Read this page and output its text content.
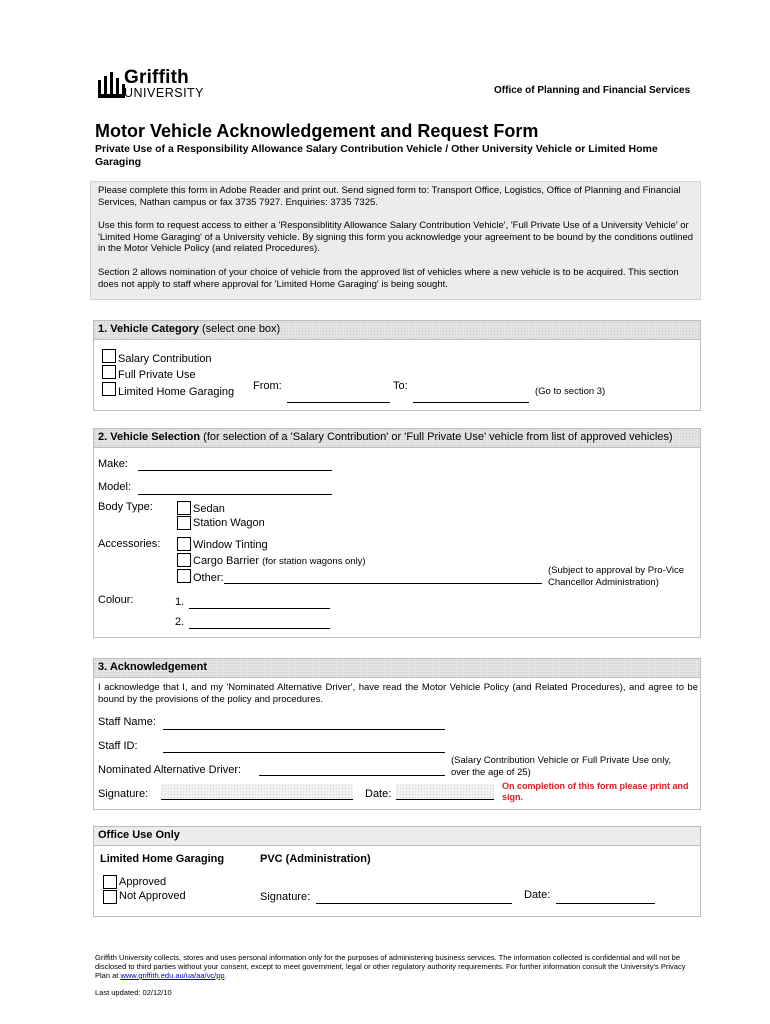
Griffith
UNIVERSITY	Office of Planning and Financial Services
Motor Vehicle Acknowledgement and Request Form
Private Use of a Responsibility Allowance Salary Contribution Vehicle / Other University Vehicle or Limited Home Garaging
Please complete this form in Adobe Reader and print out. Send signed form to: Transport Office, Logistics, Office of Planning and Financial Services, Nathan campus or fax 3735 7927. Enquiries: 3735 7325.
Use this form to request access to either a 'Responsiblitity Allowance Salary Contribution Vehicle', 'Full Private Use of a University Vehicle' or 'Limited Home Garaging' of a University vehicle. By signing this form you acknowledge your agreement to be bound by the conditions outlined in the Motor Vehicle Policy (and related Procedures).
Section 2 allows nomination of your choice of vehicle from the approved list of vehicles where a new vehicle is to be acquired. This section does not apply to staff where approval for 'Limited Home Garaging' is being sought.
1. Vehicle Category (select one box)
Salary Contribution
Full Private Use
Limited Home Garaging From:	To:	(Go to section 3)
2. Vehicle Selection (for selection of a 'Salary Contribution' or 'Full Private Use' vehicle from list of approved vehicles)
Make:
Model:
Body Type:	Sedan
Station Wagon
Accessories:	Window Tinting
Cargo Barrier (for station wagons only)
Other:
(Subject to approval by Pro-Vice Chancellor Administration)
Colour:	1.
2.
3. Acknowledgement
I acknowledge that I, and my 'Nominated Alternative Driver', have read the Motor Vehicle Policy (and Related Procedures), and agree to be bound by the provisions of the policy and procedures.
Staff Name:
Staff ID:
Nominated Alternative Driver:
(Salary Contribution Vehicle or Full Private Use only, over the age of 25)
Signature:	Date:
On completion of this form please print and sign.
Office Use Only
Limited Home Garaging	PVC (Administration)
Approved
Not Approved	Signature:	Date:
Griffith University collects, stores and uses personal information only for the purposes of administering business services. The information collected is confidential and will not be disclosed to third parties without your consent, except to meet government, legal or other regulatory authority requirements. For further information consult the University's Privacy Plan at www.griffith.edu.au/ua/aa/vc/pp.
Last updated: 02/12/10
